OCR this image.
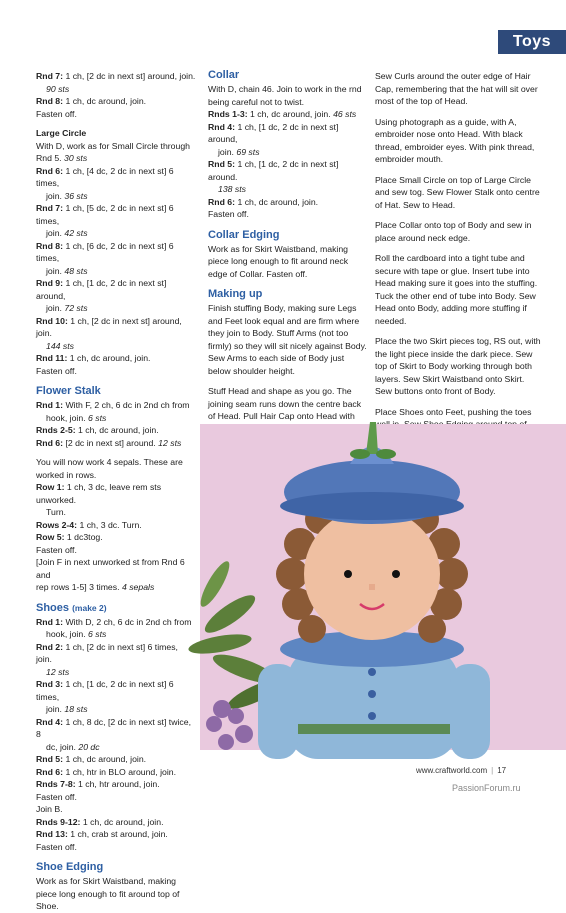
Toys
Rnd 7: 1 ch, [2 dc in next st] around, join.
90 sts
Rnd 8: 1 ch, dc around, join.
Fasten off.
Large Circle
With D, work as for Small Circle through
Rnd 5. 30 sts
Rnd 6: 1 ch, [4 dc, 2 dc in next st] 6 times,
join. 36 sts
Rnd 7: 1 ch, [5 dc, 2 dc in next st] 6 times,
join. 42 sts
Rnd 8: 1 ch, [6 dc, 2 dc in next st] 6 times,
join. 48 sts
Rnd 9: 1 ch, [1 dc, 2 dc in next st] around,
join. 72 sts
Rnd 10: 1 ch, [2 dc in next st] around, join.
144 sts
Rnd 11: 1 ch, dc around, join.
Fasten off.
Flower Stalk
Rnd 1: With F, 2 ch, 6 dc in 2nd ch from
hook, join. 6 sts
Rnds 2-5: 1 ch, dc around, join.
Rnd 6: [2 dc in next st] around. 12 sts
You will now work 4 sepals. These are worked in rows.
Row 1: 1 ch, 3 dc, leave rem sts unworked.
Turn.
Rows 2-4: 1 ch, 3 dc. Turn.
Row 5: 1 dc3tog.
Fasten off.
[Join F in next unworked st from Rnd 6 and
rep rows 1-5] 3 times. 4 sepals
Shoes (make 2)
Rnd 1: With D, 2 ch, 6 dc in 2nd ch from
hook, join. 6 sts
Rnd 2: 1 ch, [2 dc in next st] 6 times, join.
12 sts
Rnd 3: 1 ch, [1 dc, 2 dc in next st] 6 times,
join. 18 sts
Rnd 4: 1 ch, 8 dc, [2 dc in next st] twice, 8
dc, join. 20 dc
Rnd 5: 1 ch, dc around, join.
Rnd 6: 1 ch, htr in BLO around, join.
Rnds 7-8: 1 ch, htr around, join.
Fasten off.
Join B.
Rnds 9-12: 1 ch, dc around, join.
Rnd 13: 1 ch, crab st around, join.
Fasten off.
Shoe Edging
Work as for Skirt Waistband, making piece long enough to fit around top of Shoe.
Collar
With D, chain 46. Join to work in the rnd
being careful not to twist.
Rnds 1-3: 1 ch, dc around, join. 46 sts
Rnd 4: 1 ch, [1 dc, 2 dc in next st] around,
join. 69 sts
Rnd 5: 1 ch, [1 dc, 2 dc in next st] around.
138 sts
Rnd 6: 1 ch, dc around, join.
Fasten off.
Collar Edging
Work as for Skirt Waistband, making piece long enough to fit around neck edge of Collar. Fasten off.
Making up
Finish stuffing Body, making sure Legs and Feet look equal and are firm where they join to Body. Stuff Arms (not too firmly) so they will sit nicely against Body. Sew Arms to each side of Body just below shoulder height.
Stuff Head and shape as you go. The joining seam runs down the centre back of Head. Pull Hair Cap onto Head with
Sew Curls around the outer edge of Hair Cap, remembering that the hat will sit over most of the top of Head.
Using photograph as a guide, with A, embroider nose onto Head. With black thread, embroider eyes. With pink thread, embroider mouth.
Place Small Circle on top of Large Circle and sew tog. Sew Flower Stalk onto centre of Hat. Sew to Head.
Place Collar onto top of Body and sew in place around neck edge.
Roll the cardboard into a tight tube and secure with tape or glue. Insert tube into Head making sure it goes into the stuffing. Tuck the other end of tube into Body. Sew Head onto Body, adding more stuffing if needed.
Place the two Skirt pieces tog, RS out, with the light piece inside the dark piece. Sew top of Skirt to Body working through both layers. Sew Skirt Waistband onto Skirt. Sew buttons onto front of Body.
Place Shoes onto Feet, pushing the toes
www.craftworld.com | 17
PassionForum.ru
